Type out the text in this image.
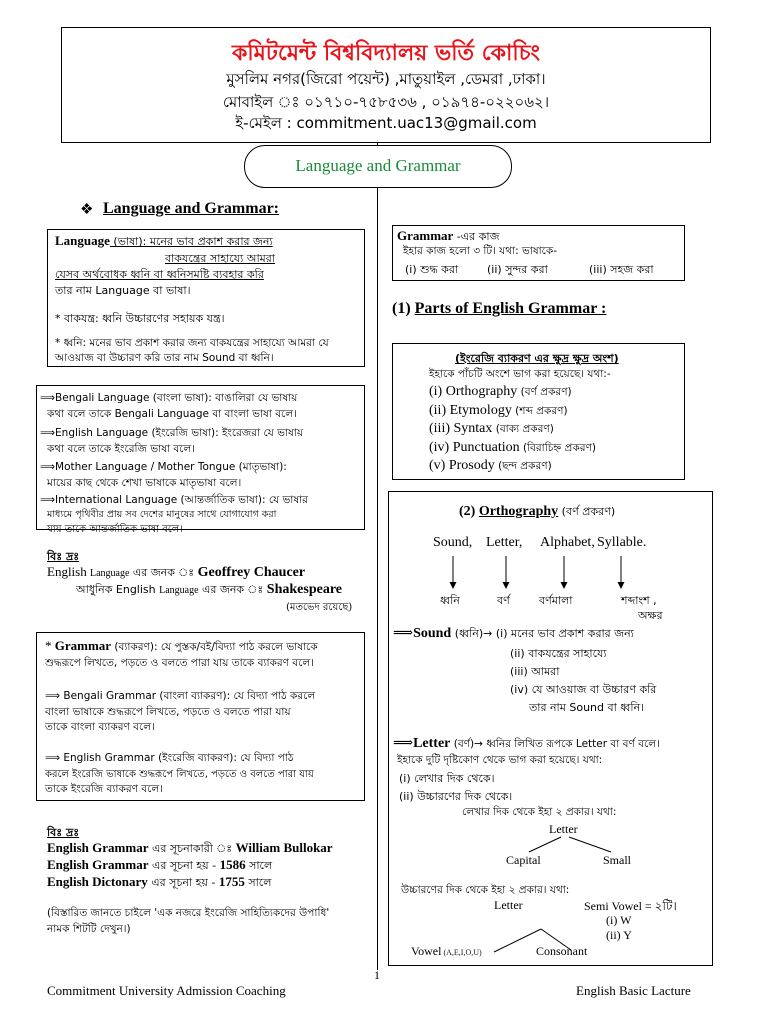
কমিটমেন্ট বিশ্ববিদ্যালয় ভর্তি কোচিং
মুসলিম নগর(জিরো পয়েন্ট) ,মাতুয়াইল ,ডেমরা ,ঢাকা।
মোবাইল ঃ ০১৭১০-৭৫৮৫৩৬ , ০১৯৭৪-০২২০৬২।
ই-মেইল : commitment.uac13@gmail.com
Language and Grammar
❖ Language and Grammar:
Language (ভাষা): মনের ভাব প্রকাশ করার জন্য
বাকযন্ত্রের সাহায্যে আমরা
যেসব অর্থবোধক ধ্বনি বা ধ্বনিসমষ্টি ব্যবহার করি
তার নাম Language বা ভাষা।
* বাকযন্ত্র: ধ্বনি উচ্চারণের সহায়ক যন্ত্র।
* ধ্বনি: মনের ভাব প্রকাশ করার জন্য বাকযন্ত্রের সাহায্যে আমরা যে
আওয়াজ বা উচ্চারণ করি তার নাম Sound বা ধ্বনি।
⟹Bengali Language (বাংলা ভাষা): বাঙালিরা যে ভাষায়
কথা বলে তাকে Bengali Language বা বাংলা ভাষা বলে।
⟹English Language (ইংরেজি ভাষা): ইংরেজরা যে ভাষায়
কথা বলে তাকে ইংরেজি ভাষা বলে।
⟹Mother Language / Mother Tongue (মাতৃভাষা):
মায়ের কাছ থেকে শেখা ভাষাকে মাতৃভাষা বলে।
⟹International Language (আন্তর্জাতিক ভাষা): যে ভাষার
মাধ্যমে পৃথিবীর প্রায় সব দেশের মানুষের সাথে যোগাযোগ করা
যায় তাকে আন্তর্জাতিক ভাষা বলে।
বিঃ দ্রঃ
English Language এর জনক ঃ Geoffrey Chaucer
আধুনিক English Language এর জনক ঃ Shakespeare
(মতভেদ রয়েছে)
* Grammar (ব্যাকরণ): যে পুস্তক/বই/বিদ্যা পাঠ করলে ভাষাকে
শুদ্ধরূপে লিখতে, পড়তে ও বলতে পারা যায় তাকে ব্যাকরণ বলে।
⟹ Bengali Grammar (বাংলা ব্যাকরণ): যে বিদ্যা পাঠ করলে
বাংলা ভাষাকে শুদ্ধরূপে লিখতে, পড়তে ও বলতে পারা যায়
তাকে বাংলা ব্যাকরণ বলে।
⟹ English Grammar (ইংরেজি ব্যাকরণ): যে বিদ্যা পাঠ
করলে ইংরেজি ভাষাকে শুদ্ধরূপে লিখতে, পড়তে ও বলতে পারা যায়
তাকে ইংরেজি ব্যাকরণ বলে।
বিঃ দ্রঃ
English Grammar এর সূচনাকারী ঃ William Bullokar
English Grammar এর সূচনা হয় - 1586 সালে
English Dictonary এর সূচনা হয় - 1755 সালে
(বিস্তারিত জানতে চাইলে 'এক নজরে ইংরেজি সাহিত্যিকদের উপাধি'
নামক শিটটি দেখুন।)
Grammar -এর কাজ
ইহার কাজ হলো ৩ টি। যথা: ভাষাকে-
(i) শুদ্ধ করা	(ii) সুন্দর করা	(iii) সহজ করা
(1) Parts of English Grammar :
(ইংরেজি ব্যাকরণ এর ক্ষুদ্র ক্ষুদ্র অংশ)
ইহাকে পাঁচটি অংশে ভাগ করা হয়েছে। যথা:-
(i) Orthography (বর্ণ প্রকরণ)
(ii) Etymology (শব্দ প্রকরণ)
(iii) Syntax (বাক্য প্রকরণ)
(iv) Punctuation (বিরাচিহ্ন প্রকরণ)
(v) Prosody (ছন্দ প্রকরণ)
(2) Orthography (বর্ণ প্রকরণ)
Sound, Letter, Alphabet, Syllable.
ধ্বনি	বর্ণ	বর্ণমালা	শব্দাংশ ,
অক্ষর
⟹Sound (ধ্বনি)→ (i) মনের ভাব প্রকাশ করার জন্য
(ii) বাকযন্ত্রের সাহায্যে
(iii) আমরা
(iv) যে আওয়াজ বা উচ্চারণ করি
তার নাম Sound বা ধ্বনি।
⟹Letter (বর্ণ)→ ধ্বনির লিখিত রূপকে Letter বা বর্ণ বলে।
ইহাকে দুটি দৃষ্টিকোণ থেকে ভাগ করা হয়েছে। যথা:
(i) লেখার দিক থেকে।
(ii) উচ্চারণের দিক থেকে।
লেখার দিক থেকে ইহা ২ প্রকার। যথা:
Letter
Capital	Small
উচ্চারণের দিক থেকে ইহা ২ প্রকার। যথা:
Letter	Semi Vowel = ২টি।
(i) W
(ii) Y
Vowel (A,E,I,O,U)	Consonant
1
Commitment University Admission Coaching	English Basic Lacture
